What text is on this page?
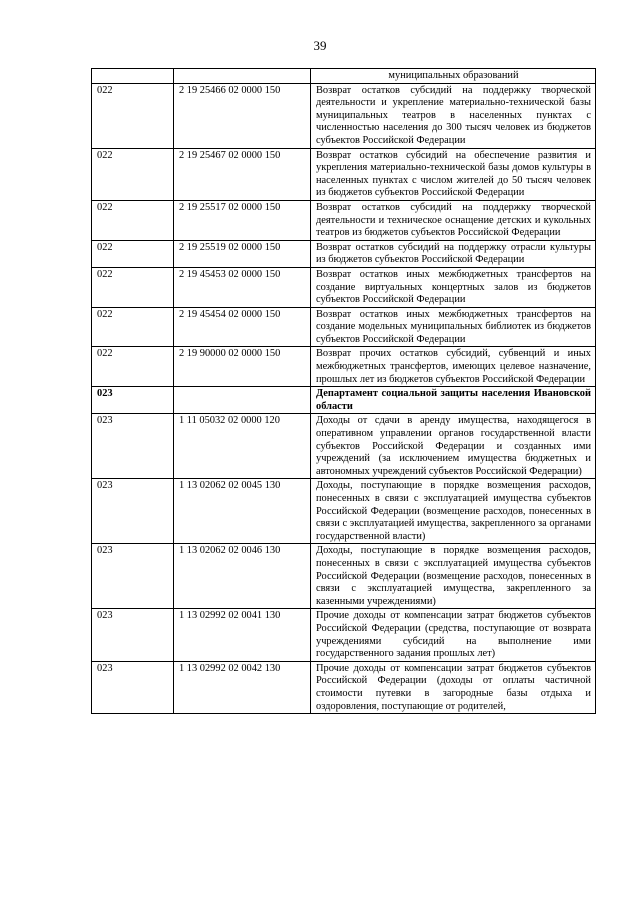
39
		муниципальных образований
022	2 19 25466 02 0000 150	Возврат остатков субсидий на поддержку творческой деятельности и укрепление материально-технической базы муниципальных театров в населенных пунктах с численностью населения до 300 тысяч человек из бюджетов субъектов Российской Федерации
022	2 19 25467 02 0000 150	Возврат остатков субсидий на обеспечение развития и укрепления материально-технической базы домов культуры в населенных пунктах с числом жителей до 50 тысяч человек из бюджетов субъектов Российской Федерации
022	2 19 25517 02 0000 150	Возврат остатков субсидий на поддержку творческой деятельности и техническое оснащение детских и кукольных театров из бюджетов субъектов Российской Федерации
022	2 19 25519 02 0000 150	Возврат остатков субсидий на поддержку отрасли культуры из бюджетов субъектов Российской Федерации
022	2 19 45453 02 0000 150	Возврат остатков иных межбюджетных трансфертов на создание виртуальных концертных залов из бюджетов субъектов Российской Федерации
022	2 19 45454 02 0000 150	Возврат остатков иных межбюджетных трансфертов на создание модельных муниципальных библиотек из бюджетов субъектов Российской Федерации
022	2 19 90000 02 0000 150	Возврат прочих остатков субсидий, субвенций и иных межбюджетных трансфертов, имеющих целевое назначение, прошлых лет из бюджетов субъектов Российской Федерации
023		Департамент социальной защиты населения Ивановской области
023	1 11 05032 02 0000 120	Доходы от сдачи в аренду имущества, находящегося в оперативном управлении органов государственной власти субъектов Российской Федерации и созданных ими учреждений (за исключением имущества бюджетных и автономных учреждений субъектов Российской Федерации)
023	1 13 02062 02 0045 130	Доходы, поступающие в порядке возмещения расходов, понесенных в связи с эксплуатацией имущества субъектов Российской Федерации (возмещение расходов, понесенных в связи с эксплуатацией имущества, закрепленного за органами государственной власти)
023	1 13 02062 02 0046 130	Доходы, поступающие в порядке возмещения расходов, понесенных в связи с эксплуатацией имущества субъектов Российской Федерации (возмещение расходов, понесенных в связи с эксплуатацией имущества, закрепленного за казенными учреждениями)
023	1 13 02992 02 0041 130	Прочие доходы от компенсации затрат бюджетов субъектов Российской Федерации (средства, поступающие от возврата учреждениями субсидий на выполнение ими государственного задания прошлых лет)
023	1 13 02992 02 0042 130	Прочие доходы от компенсации затрат бюджетов субъектов Российской Федерации (доходы от оплаты частичной стоимости путевки в загородные базы отдыха и оздоровления, поступающие от родителей,
